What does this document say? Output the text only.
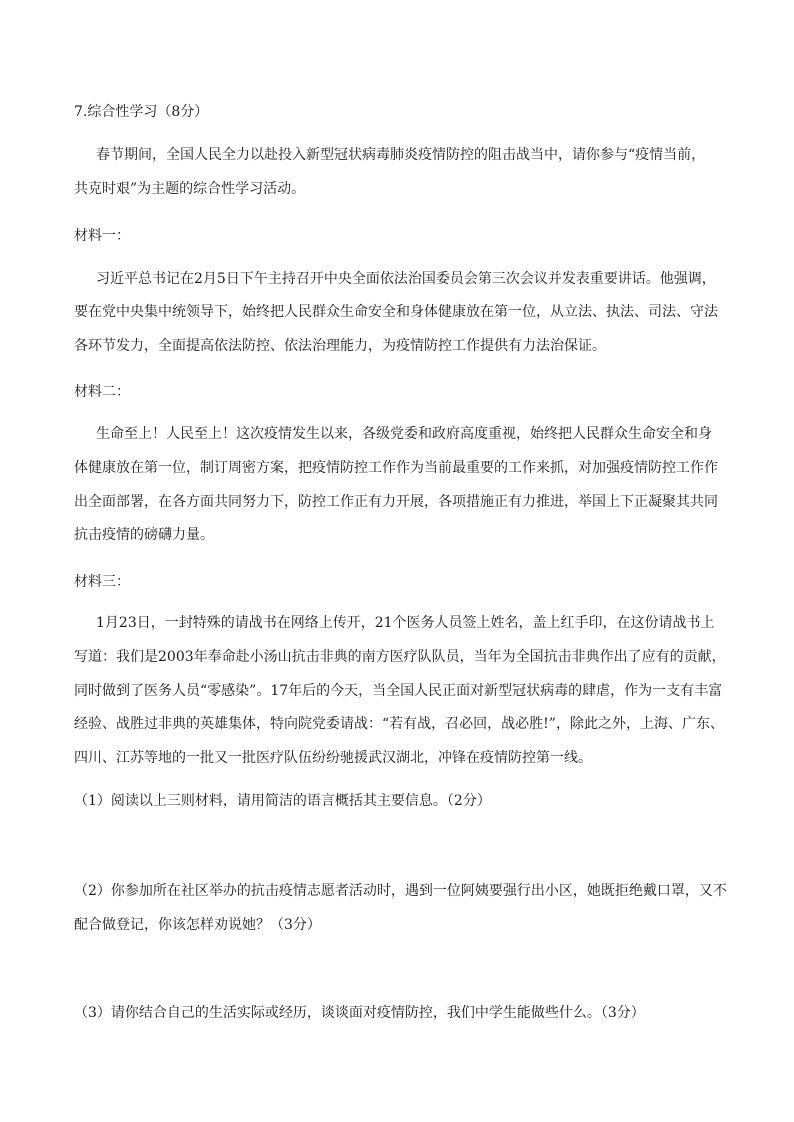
7.综合性学习（8分）
春节期间，全国人民全力以赴投入新型冠状病毒肺炎疫情防控的阻击战当中，请你参与“疫情当前，
共克时艰”为主题的综合性学习活动。
材料一：
习近平总书记在2月5日下午主持召开中央全面依法治国委员会第三次会议并发表重要讲话。他强调，
要在党中央集中统领导下，始终把人民群众生命安全和身体健康放在第一位，从立法、执法、司法、守法
各环节发力，全面提高依法防控、依法治理能力，为疫情防控工作提供有力法治保证。
材料二：
生命至上！人民至上！这次疫情发生以来，各级党委和政府高度重视，始终把人民群众生命安全和身
体健康放在第一位，制订周密方案，把疫情防控工作作为当前最重要的工作来抓，对加强疫情防控工作作
出全面部署，在各方面共同努力下，防控工作正有力开展，各项措施正有力推进，举国上下正凝聚其共同
抗击疫情的磅礴力量。
材料三：
1月23日，一封特殊的请战书在网络上传开，21个医务人员签上姓名，盖上红手印，在这份请战书上
写道：我们是2003年奉命赴小汤山抗击非典的南方医疗队队员，当年为全国抗击非典作出了应有的贡献，
同时做到了医务人员“零感染”。17年后的今天，当全国人民正面对新型冠状病毒的肆虐，作为一支有丰富
经验、战胜过非典的英雄集体，特向院党委请战：“若有战，召必回，战必胜!”，除此之外，上海、广东、
四川、江苏等地的一批又一批医疗队伍纷纷驰援武汉湖北，冲锋在疫情防控第一线。
（1）阅读以上三则材料，请用简洁的语言概括其主要信息。（2分）
（2）你参加所在社区举办的抗击疫情志愿者活动时，遇到一位阿姨要强行出小区，她既拒绝戴口罩，又不
配合做登记，你该怎样劝说她？（3分）
（3）请你结合自己的生活实际或经历，谈谈面对疫情防控，我们中学生能做些什么。（3分）
